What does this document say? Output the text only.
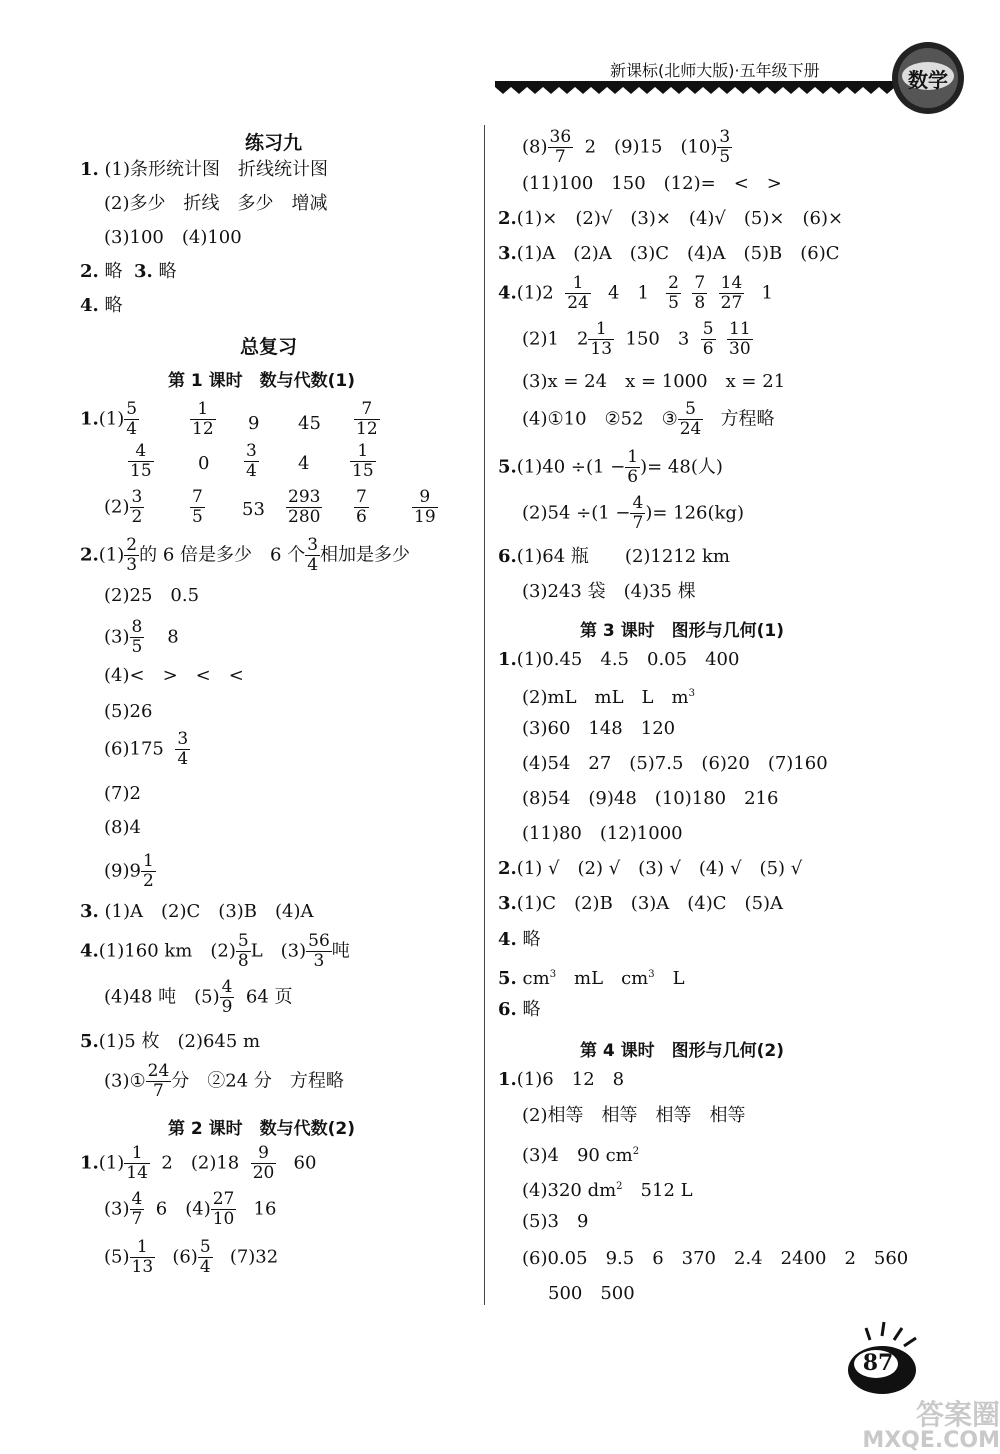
新课标(北师大版)·五年级下册	数学
练习九
1. (1)条形统计图　折线统计图
(2)多少　折线　多少　增减
(3)100　(4)100
2. 略 3. 略
4. 略
总复习
第 1 课时　数与代数(1)
$1.(1) \frac{5}{4}$	$\frac{1}{12} 9$ $45 \frac{7}{12}$
$\frac{4}{15} 0 \frac{3}{4} 4 \frac{1}{15}$
$(2) \frac{3}{2}$	$\frac{7}{5} 53 \frac{293}{280} \frac{7}{6}$	$\frac{9}{19}$
$2.(1) \frac{2}{3}$ 的 6 倍是多少　6 个 $\frac{3}{4}$ 相加是多少
(2)25　0.5
$(3) \frac{8}{5} 8$
(4)<　>　<　<
(5)26
$(6)175 \frac{3}{4}$
(7)2
(8)4
$(9)9 \frac{1}{2}$
3. (1)A　(2)C　(3)B　(4)A
4.(1)160 km　$(2) \frac{5}{8}$ L　$(3) \frac{56}{3}$ 吨
(4)48 吨　$(5) \frac{4}{9} 64$ 页
5.(1)5 枚　(2)645 m
(3)① $\frac{24}{7}$ 分　②24 分　方程略
第 2 课时　数与代数(2)
$1.(1) \frac{1}{14} 2$　$(2)18 \frac{9}{20} 60$
$(3) \frac{4}{7} 6$　$(4) \frac{27}{10} 16$
$(5) \frac{1}{13} (6) \frac{5}{4} (7)32$
$(8) \frac{36}{7} 2$　(9)15　$(10) \frac{3}{5}$
(11)100　150　(12)=　<　>
2.(1)×　(2)√　(3)×　(4)√　(5)×　(6)×
3.(1)A　(2)A　(3)C　(4)A　(5)B　(6)C
$4.(1)2 \frac{1}{24} 4$　$1 \frac{2}{5}$
$\frac{7}{8}$
$\frac{14}{27} 1$
(2)1　$2 \frac{1}{13} 150$　$3 \frac{5}{6}$
$\frac{11}{30}$
(3)x = 24　x = 1000　x = 21
(4)①10　②52　③ $\frac{5}{24}$ 方程略
$5.(1)40 \div(1 - \frac{1}{6}$ )= 48(人)
$(2)54 \div(1 - \frac{4}{7}$ )= 126(kg)
6.(1)64 瓶　　(2)1212 km
(3)243 袋　(4)35 棵
第 3 课时　图形与几何(1)
1.(1)0.45　4.5　0.05　400
(2)mL　mL　L　$m^3$
(3)60　148　120
(4)54　27　(5)7.5　(6)20　(7)160
(8)54　(9)48　(10)180　216
(11)80　(12)1000
2.(1) √　(2) √　(3) √　(4) √　(5) √
3.(1)C　(2)B　(3)A　(4)C　(5)A
4. 略
5. $cm^3$　mL　$cm^3$　L
6. 略
第 4 课时　图形与几何(2)
1.(1)6　12　8
(2)相等　相等　相等　相等
(3)4　90 $cm^2$
(4)320 $dm^2$　512 L
(5)3　9
(6)0.05　9.5　6　370　2.4　2400　2　560
500　500
87
答案圈
MXQE.COM
